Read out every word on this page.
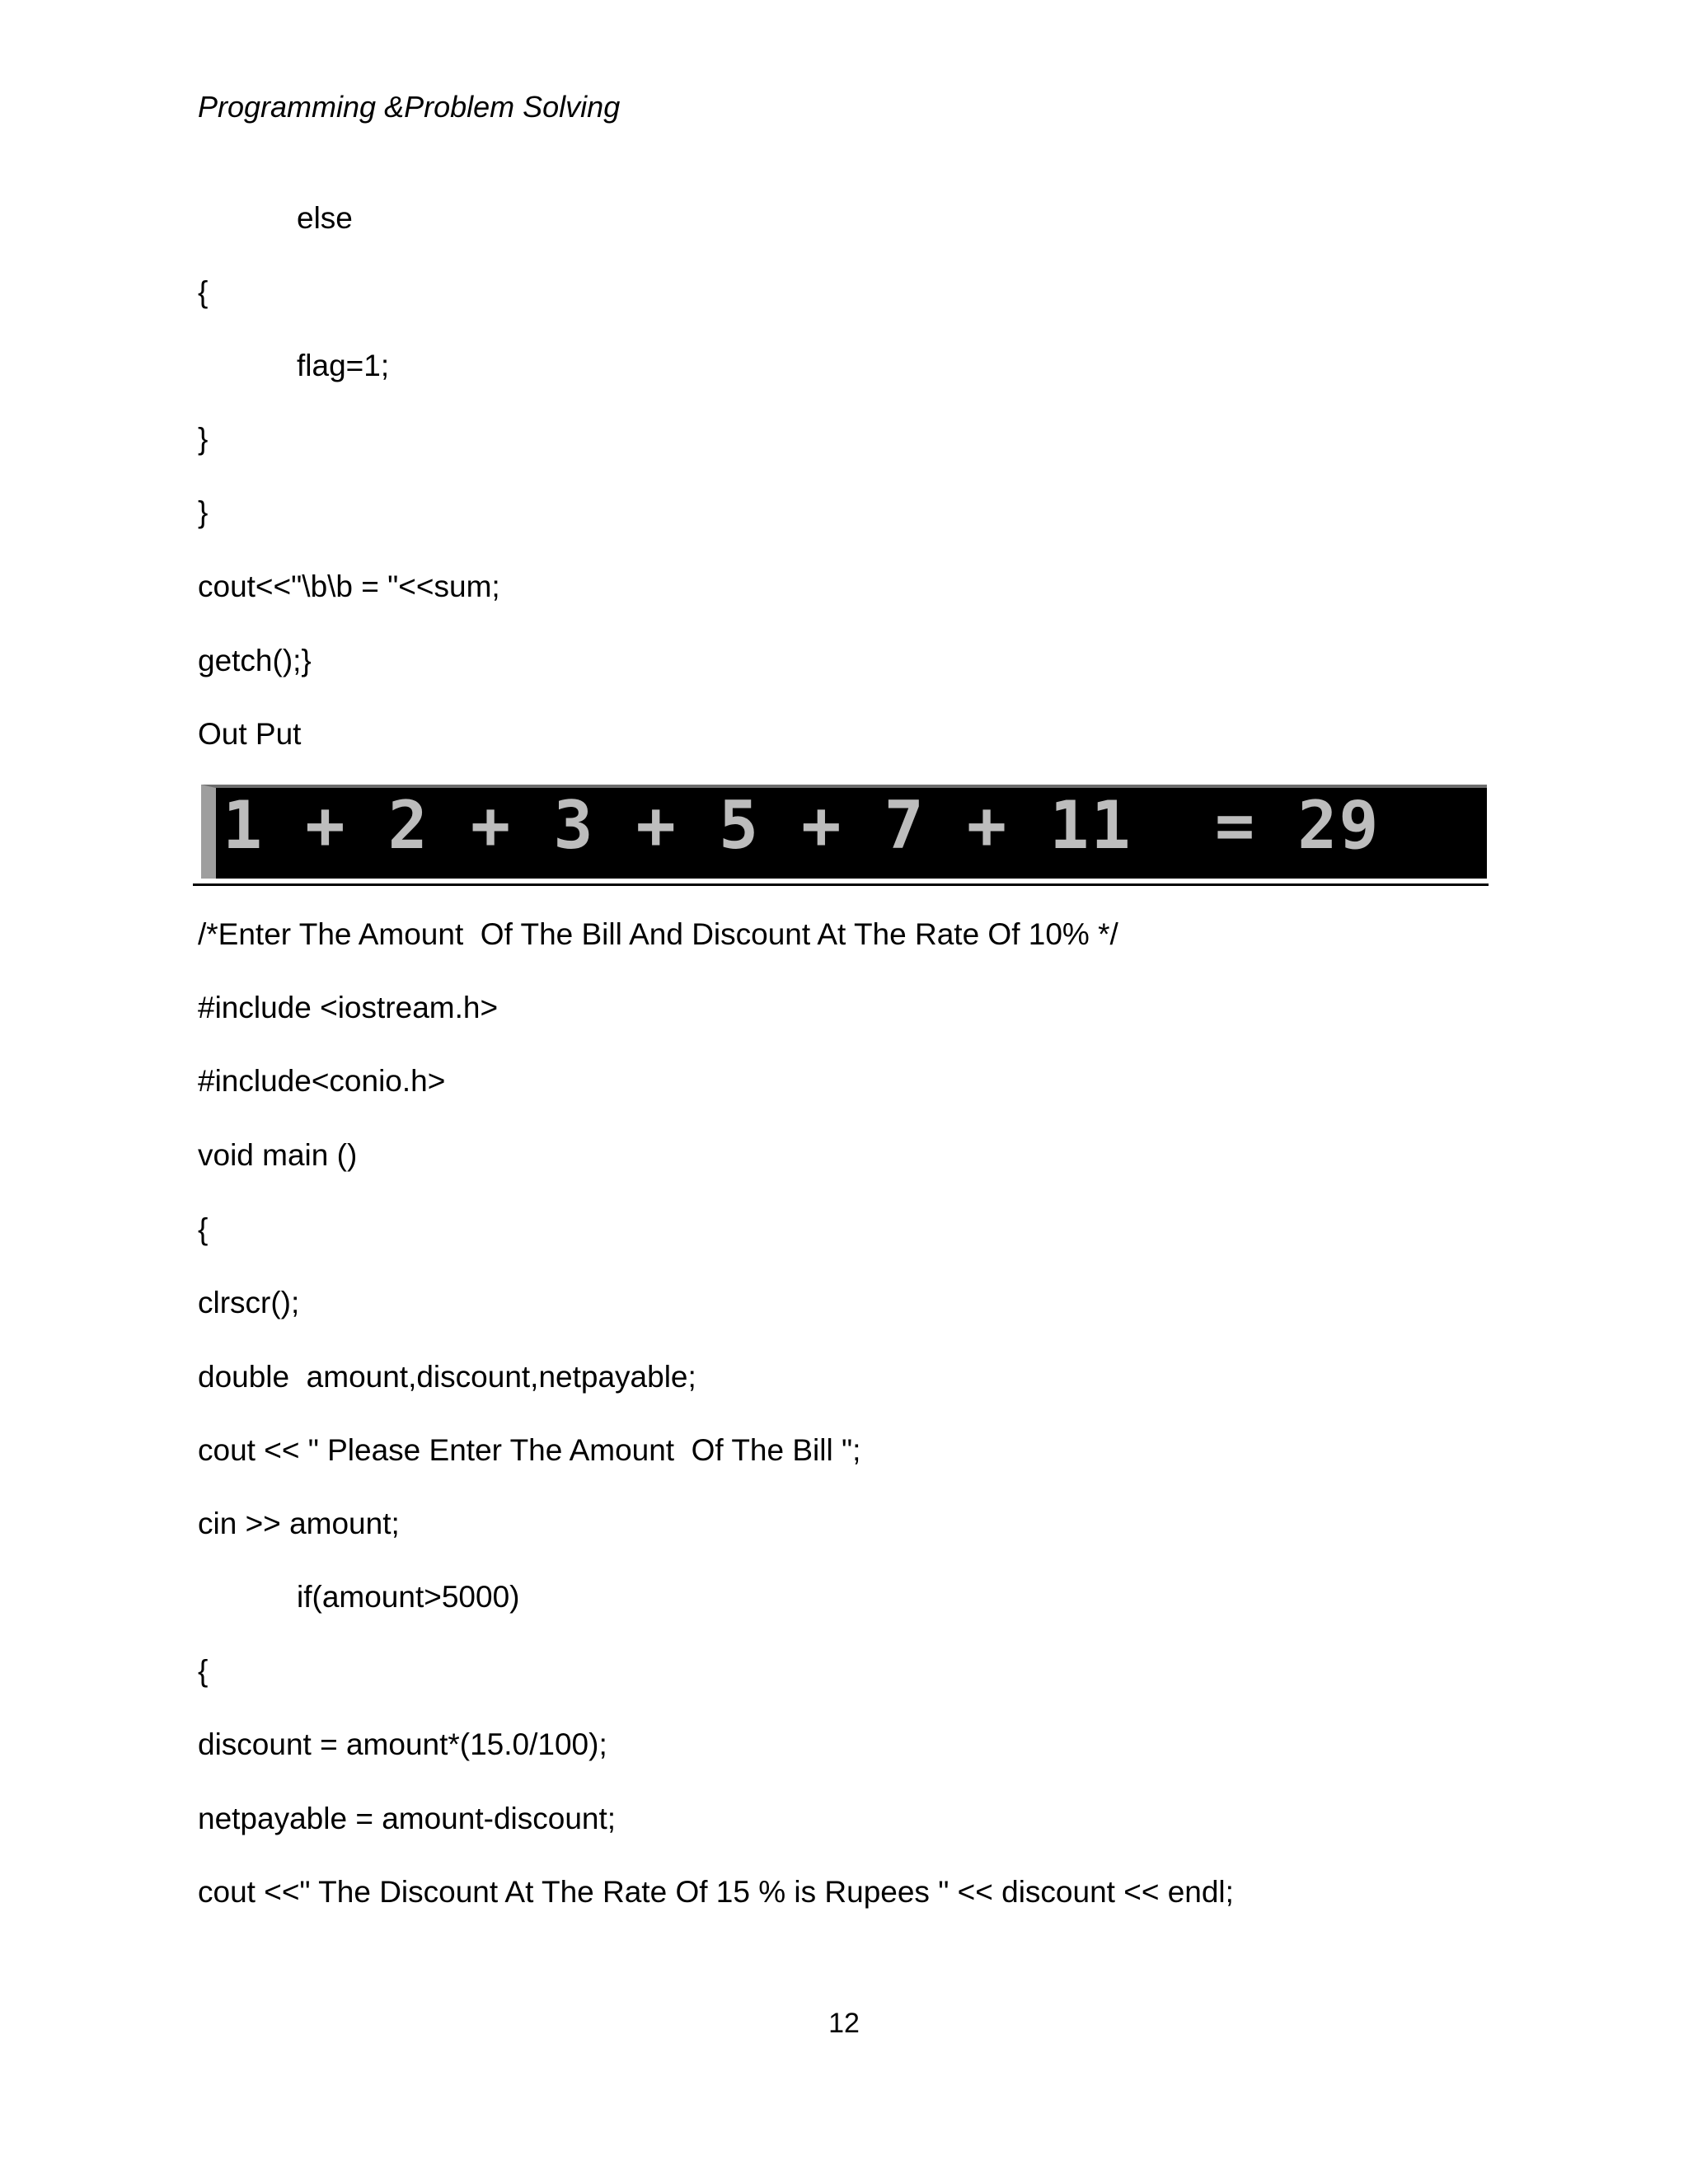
Programming &Problem Solving
else
{
flag=1;
}
}
cout<<"\b\b = "<<sum;
getch();}
Out Put
1 + 2 + 3 + 5 + 7 + 11  = 29
/*Enter The Amount  Of The Bill And Discount At The Rate Of 10% */
#include <iostream.h>
#include<conio.h>
void main ()
{
clrscr();
double  amount,discount,netpayable;
cout << " Please Enter The Amount  Of The Bill ";
cin >> amount;
if(amount>5000)
{
discount = amount*(15.0/100);
netpayable = amount-discount;
cout <<" The Discount At The Rate Of 15 % is Rupees " << discount << endl;
12
